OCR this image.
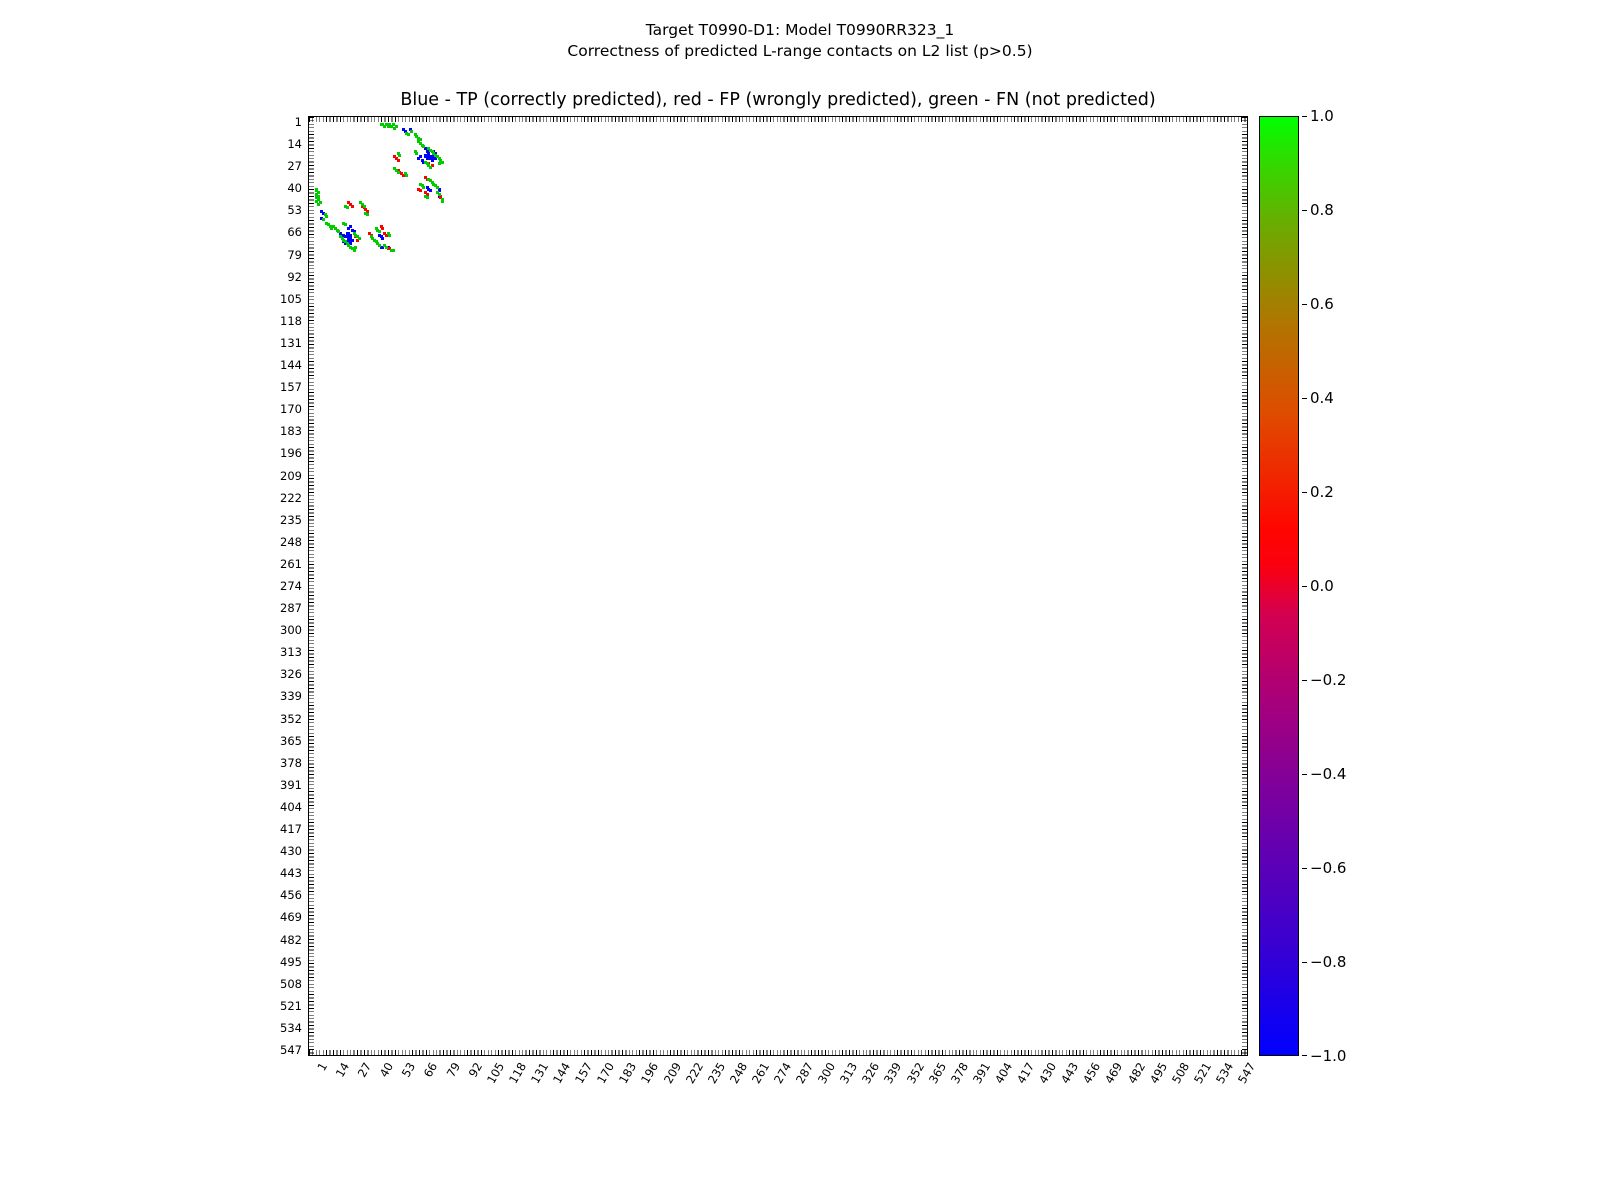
Target T0990-D1: Model T0990RR323_1
Correctness of predicted L-range contacts on L2 list (p>0.5)
Blue - TP (correctly predicted), red - FP (wrongly predicted), green - FN (not predicted)
1
14
27
40
53
66
79
92
105
118
131
144
157
170
183
196
209
222
235
248
261
274
287
300
313
326
339
352
365
378
391
404
417
430
443
456
469
482
495
508
521
534
547
1 14 27 40 53 66 79 92
105
118
131 144
157
170
183
196
209
222
235
248
261 274
287
300
313
326
339
352
365
378
391
404 417
430
443
456
469
482
495
508
521
534 547
−1.0
−0.8
−0.6
−0.4
−0.2
0.0
0.2
0.4
0.6
0.8
1.0
